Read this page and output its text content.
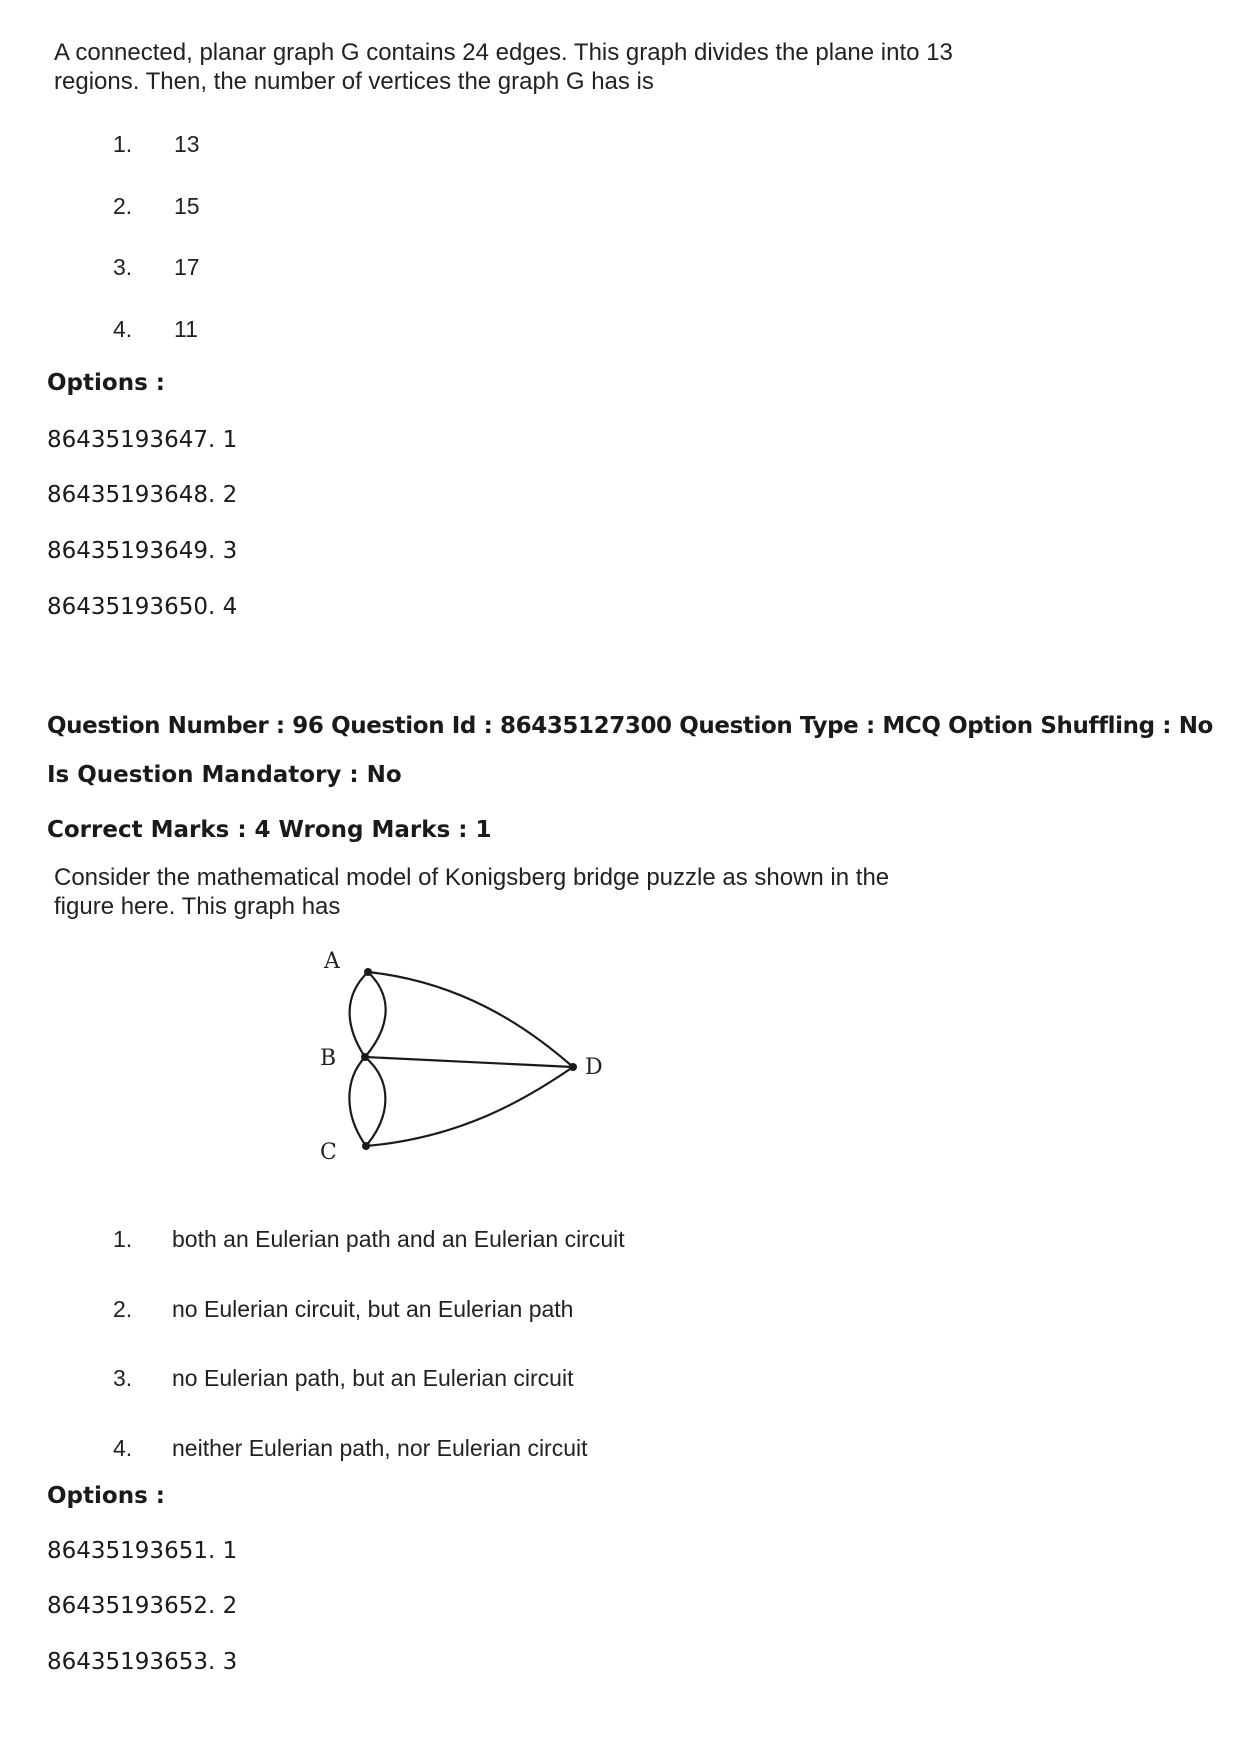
A connected, planar graph G contains 24 edges. This graph divides the plane into 13 regions. Then, the number of vertices the graph G has is
1. 13
2. 15
3. 17
4. 11
Options :
86435193647. 1
86435193648. 2
86435193649. 3
86435193650. 4
Question Number : 96 Question Id : 86435127300 Question Type : MCQ Option Shuffling : No
Is Question Mandatory : No
Correct Marks : 4 Wrong Marks : 1
Consider the mathematical model of Konigsberg bridge puzzle as shown in the figure here. This graph has
A
B
C
D
1. both an Eulerian path and an Eulerian circuit
2. no Eulerian circuit, but an Eulerian path
3. no Eulerian path, but an Eulerian circuit
4. neither Eulerian path, nor Eulerian circuit
Options :
86435193651. 1
86435193652. 2
86435193653. 3
